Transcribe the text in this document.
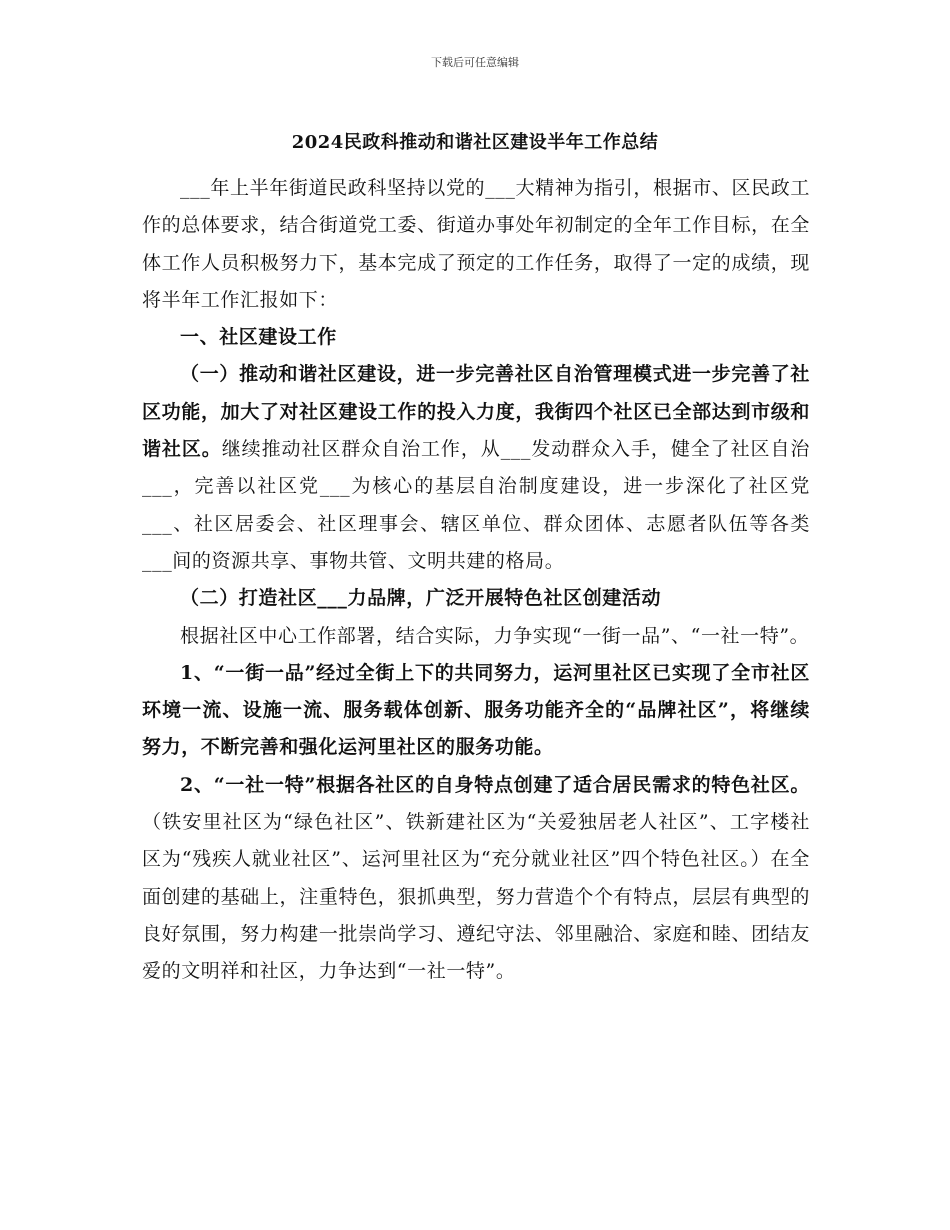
下载后可任意编辑
2024民政科推动和谐社区建设半年工作总结

___年上半年街道民政科坚持以党的___大精神为指引，根据市、区民政工作的总体要求，结合街道党工委、街道办事处年初制定的全年工作目标，在全体工作人员积极努力下，基本完成了预定的工作任务，取得了一定的成绩，现将半年工作汇报如下：

一、社区建设工作

（一）推动和谐社区建设，进一步完善社区自治管理模式进一步完善了社区功能，加大了对社区建设工作的投入力度，我街四个社区已全部达到市级和谐社区。继续推动社区群众自治工作，从___发动群众入手，健全了社区自治___，完善以社区党___为核心的基层自治制度建设，进一步深化了社区党___、社区居委会、社区理事会、辖区单位、群众团体、志愿者队伍等各类___间的资源共享、事物共管、文明共建的格局。

（二）打造社区___力品牌，广泛开展特色社区创建活动

根据社区中心工作部署，结合实际，力争实现“一街一品”、“一社一特”。

1、“一街一品”经过全街上下的共同努力，运河里社区已实现了全市社区环境一流、设施一流、服务载体创新、服务功能齐全的“品牌社区”，将继续努力，不断完善和强化运河里社区的服务功能。

2、“一社一特”根据各社区的自身特点创建了适合居民需求的特色社区。（铁安里社区为“绿色社区”、铁新建社区为“关爱独居老人社区”、工字楼社区为“残疾人就业社区”、运河里社区为“充分就业社区”四个特色社区。）在全面创建的基础上，注重特色，狠抓典型，努力营造个个有特点，层层有典型的良好氛围，努力构建一批崇尚学习、遵纪守法、邻里融洽、家庭和睦、团结友爱的文明祥和社区，力争达到“一社一特”。
